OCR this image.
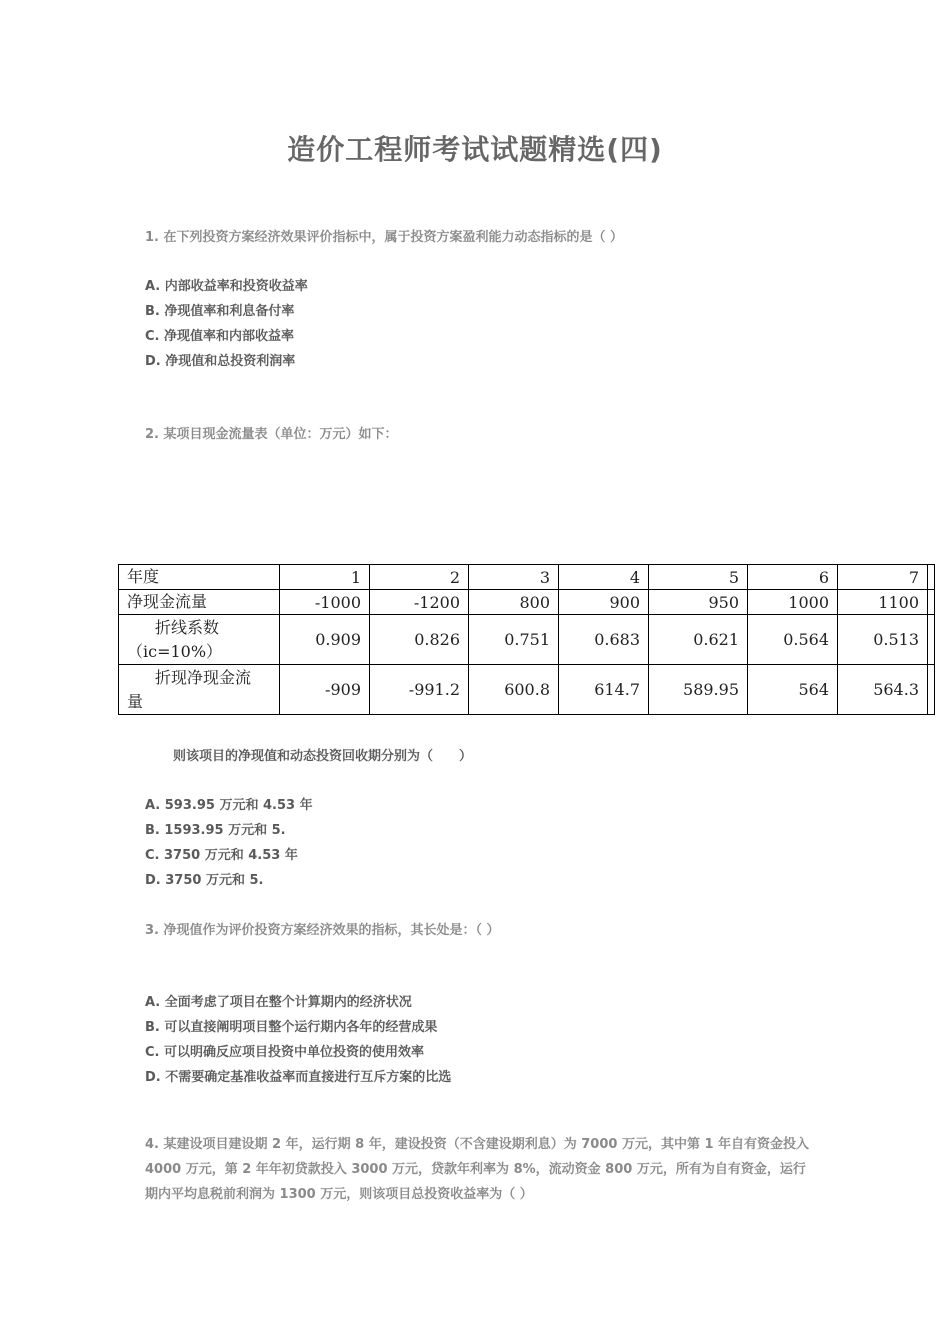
造价工程师考试试题精选(四)
1. 在下列投资方案经济效果评价指标中，属于投资方案盈利能力动态指标的是（ ）
A. 内部收益率和投资收益率
B. 净现值率和利息备付率
C. 净现值率和内部收益率
D. 净现值和总投资利润率
2. 某项目现金流量表（单位：万元）如下：
年度	1	2	3	4	5	6	7	
净现金流量	-1000	-1200	800	900	950	1000	1100	

折线系数
（ic=10%）	0.909	0.826	0.751	0.683	0.621	0.564	0.513	

折现净现金流
量	-909	-991.2	600.8	614.7	589.95	564	564.3	
则该项目的净现值和动态投资回收期分别为（　　）
A. 593.95 万元和 4.53 年
B. 1593.95 万元和 5.
C. 3750 万元和 4.53 年
D. 3750 万元和 5.
3. 净现值作为评价投资方案经济效果的指标，其长处是：（ ）
A. 全面考虑了项目在整个计算期内的经济状况
B. 可以直接阐明项目整个运行期内各年的经营成果
C. 可以明确反应项目投资中单位投资的使用效率
D. 不需要确定基准收益率而直接进行互斥方案的比选
4. 某建设项目建设期 2 年，运行期 8 年，建设投资（不含建设期利息）为 7000 万元，其中第 1 年自有资金投入 4000 万元，第 2 年年初贷款投入 3000 万元，贷款年利率为 8%，流动资金 800 万元，所有为自有资金，运行期内平均息税前利润为 1300 万元，则该项目总投资收益率为（ ）
